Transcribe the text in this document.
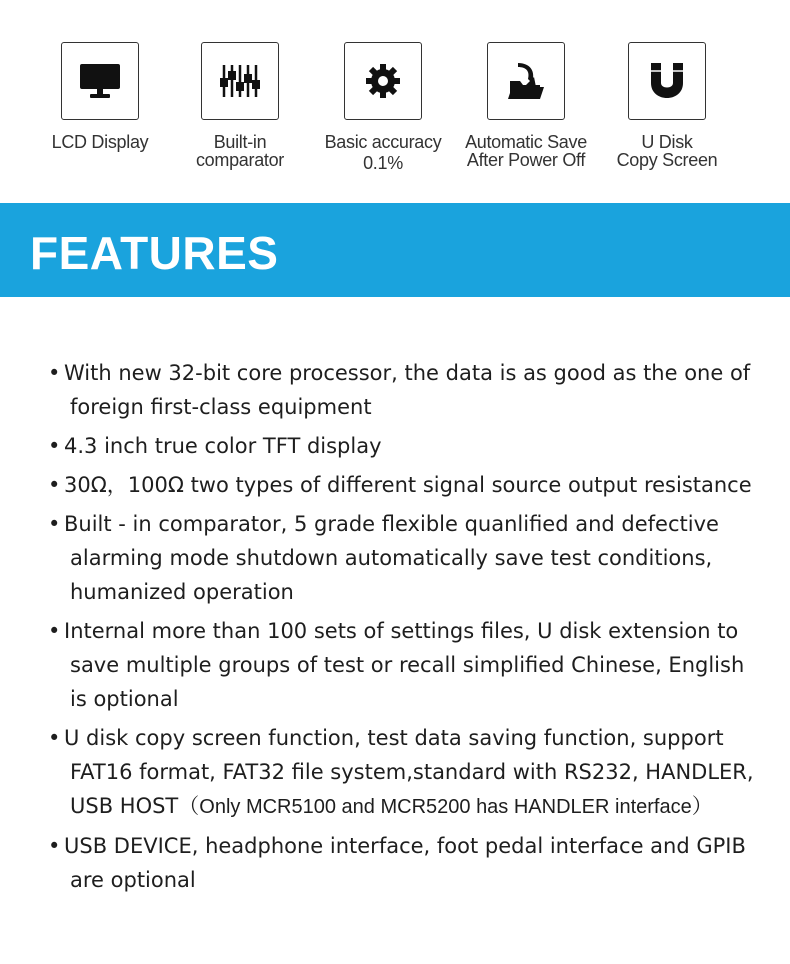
LCD Display	Built-in
comparator
Basic accuracy
0.1%
Automatic Save
After Power Off
U Disk
Copy Screen
FEATURES
• With new 32-bit core processor, the data is as good as the one of
foreign first-class equipment
• 4.3 inch true color TFT display
• 30Ω，100Ω two types of different signal source output resistance
• Built - in comparator, 5 grade flexible quanlified and defective
alarming mode shutdown automatically save test conditions,
humanized operation
• Internal more than 100 sets of settings files, U disk extension to
save multiple groups of test or recall simplified Chinese, English
is optional
• U disk copy screen function, test data saving function, support
FAT16 format, FAT32 file system,standard with RS232, HANDLER,
USB HOST（Only MCR5100 and MCR5200 has HANDLER interface）
• USB DEVICE, headphone interface, foot pedal interface and GPIB
are optional
